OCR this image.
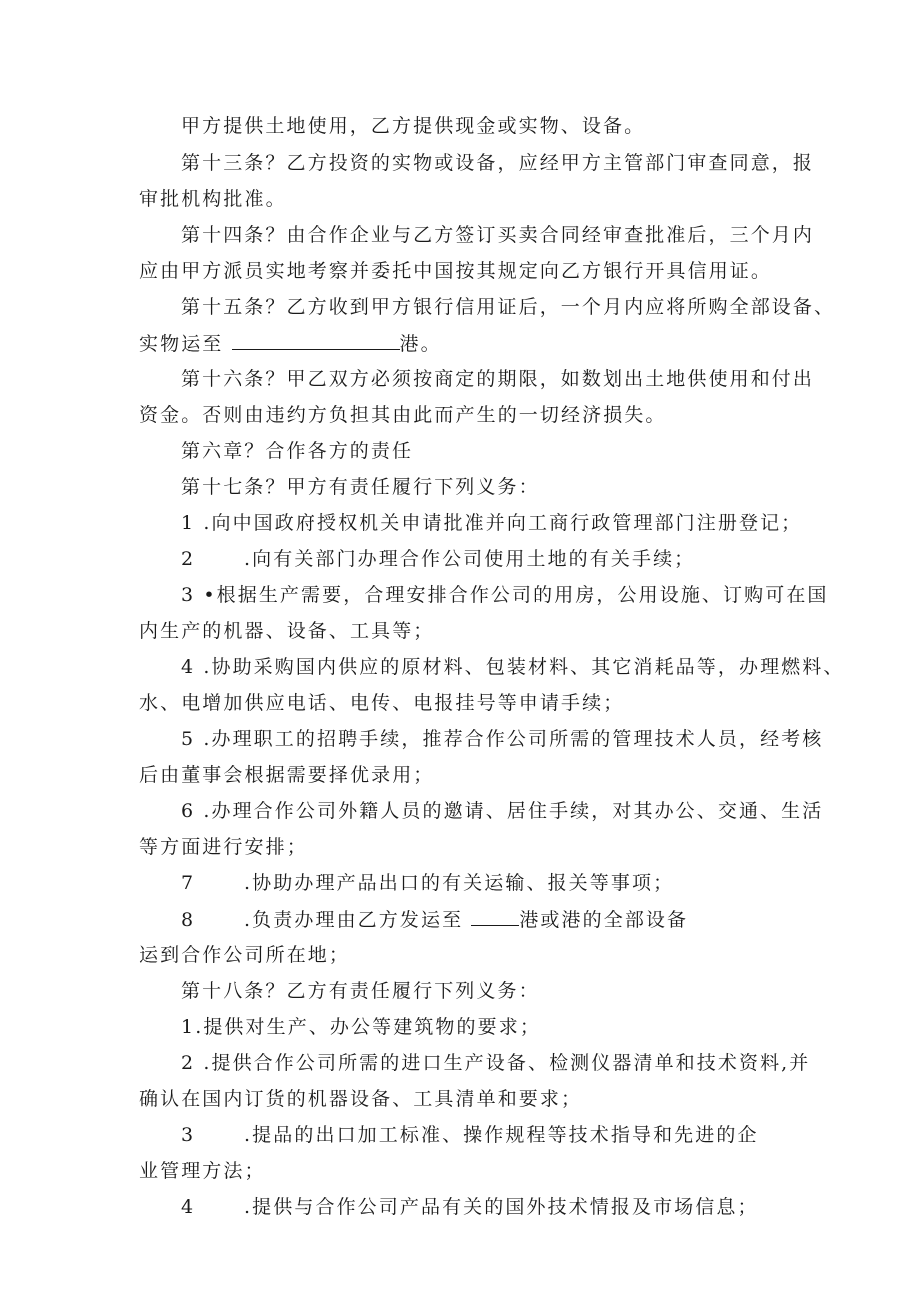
甲方提供土地使用，乙方提供现金或实物、设备。
第十三条？乙方投资的实物或设备，应经甲方主管部门审查同意，报
审批机构批准。
第十四条？由合作企业与乙方签订买卖合同经审查批准后，三个月内
应由甲方派员实地考察并委托中国按其规定向乙方银行开具信用证。
第十五条？乙方收到甲方银行信用证后，一个月内应将所购全部设备、
实物运至	港。
第十六条？甲乙双方必须按商定的期限，如数划出土地供使用和付出
资金。否则由违约方负担其由此而产生的一切经济损失。
第六章？合作各方的责任
第十七条？甲方有责任履行下列义务：
1 .向中国政府授权机关申请批准并向工商行政管理部门注册登记；
2      .向有关部门办理合作公司使用土地的有关手续；
3 •根据生产需要，合理安排合作公司的用房，公用设施、订购可在国
内生产的机器、设备、工具等；
4 .协助采购国内供应的原材料、包装材料、其它消耗品等，办理燃料、
水、电增加供应电话、电传、电报挂号等申请手续；
5 .办理职工的招聘手续，推荐合作公司所需的管理技术人员，经考核
后由董事会根据需要择优录用；
6 .办理合作公司外籍人员的邀请、居住手续，对其办公、交通、生活
等方面进行安排；
7      .协助办理产品出口的有关运输、报关等事项；
8      .负责办理由乙方发运至	港或港的全部设备
运到合作公司所在地；
第十八条？乙方有责任履行下列义务：
1.提供对生产、办公等建筑物的要求；
2 .提供合作公司所需的进口生产设备、检测仪器清单和技术资料,并
确认在国内订货的机器设备、工具清单和要求；
3      .提品的出口加工标准、操作规程等技术指导和先进的企
业管理方法；
4      .提供与合作公司产品有关的国外技术情报及市场信息；
